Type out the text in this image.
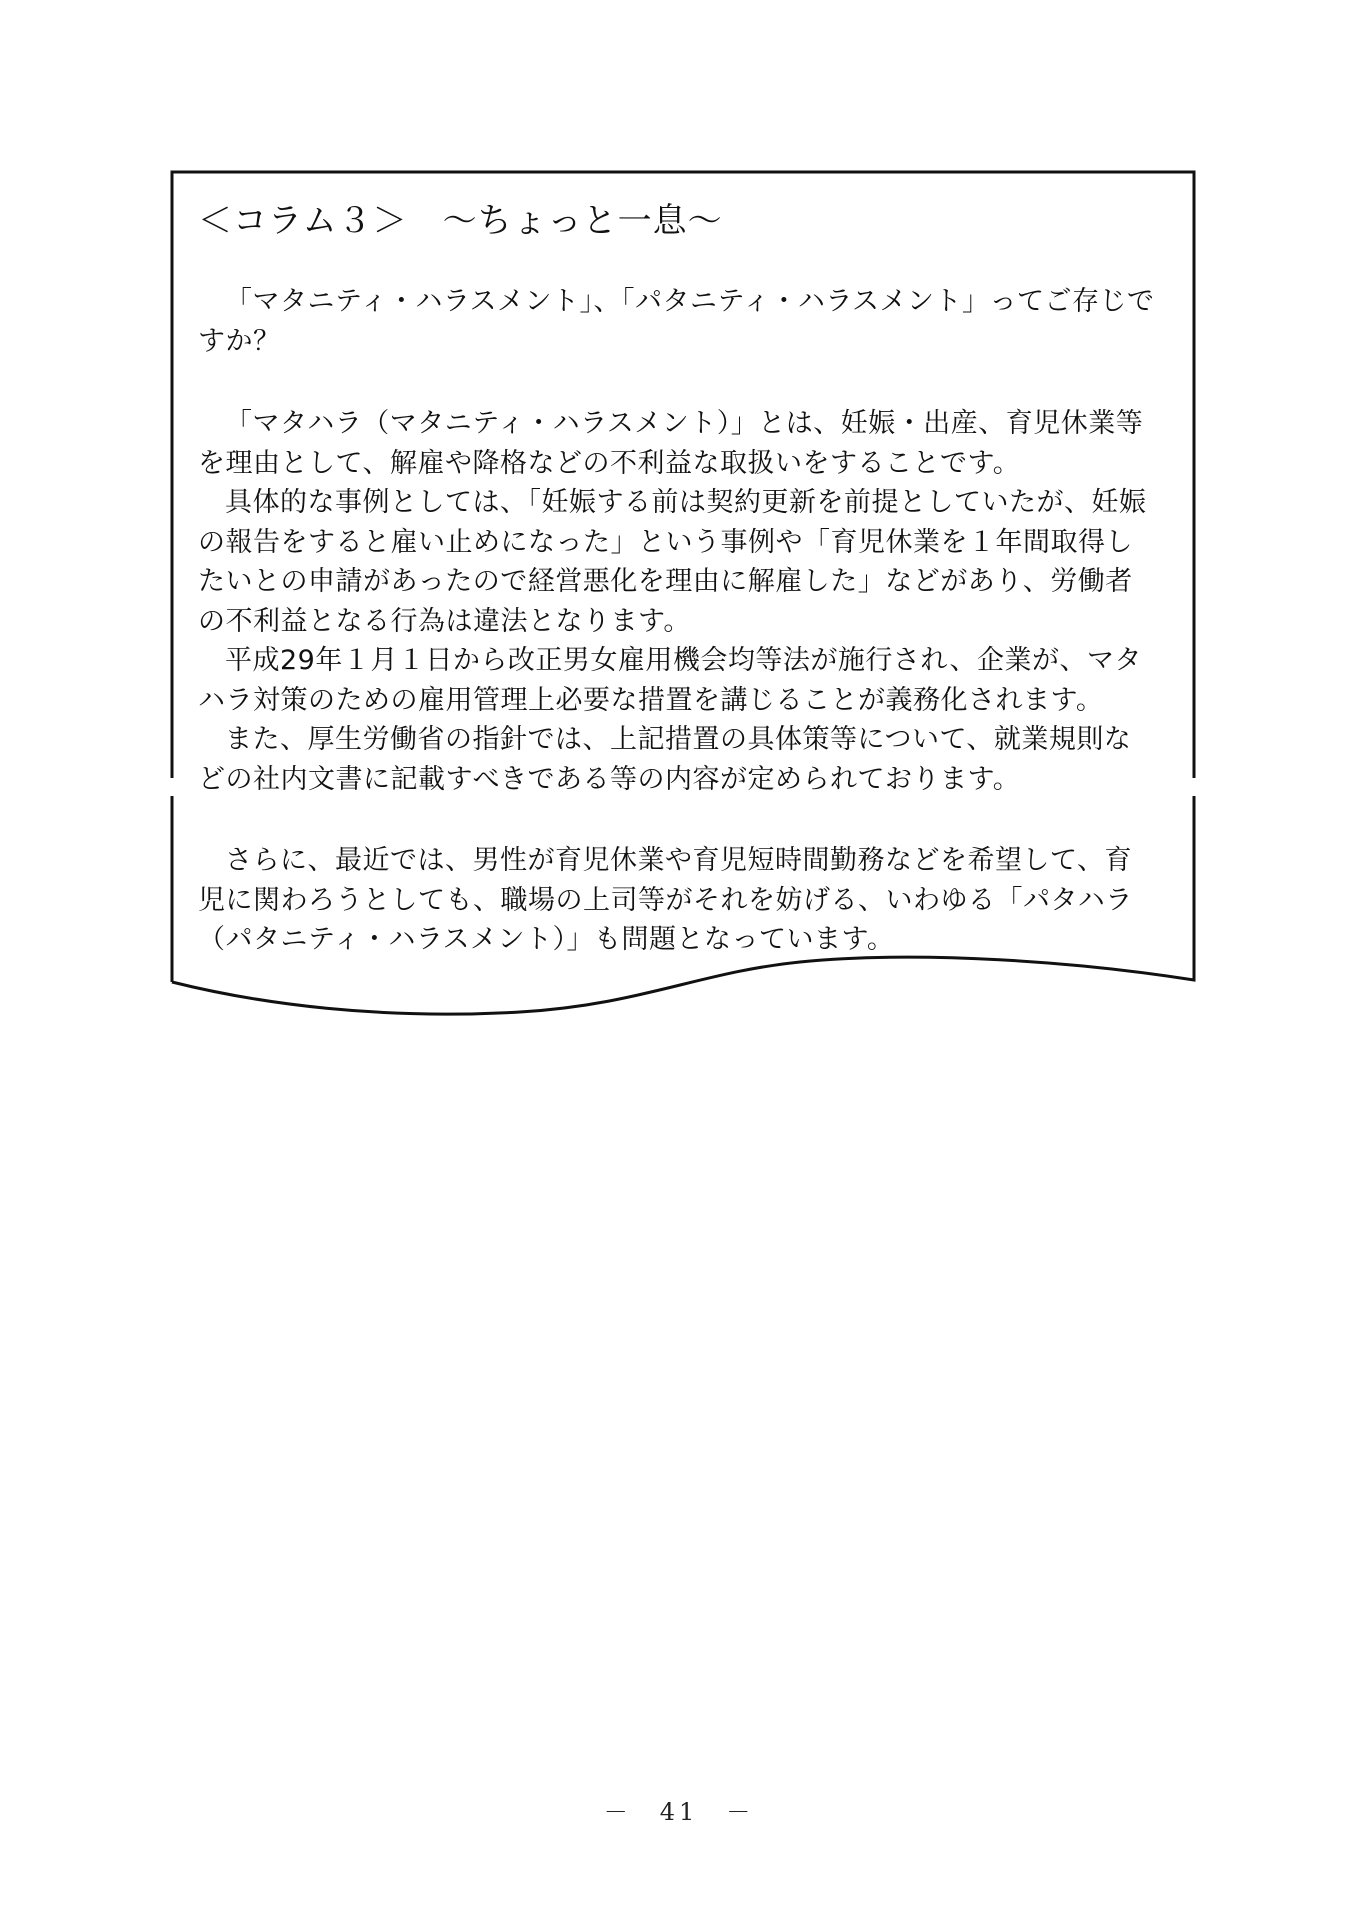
＜コラム３＞　～ちょっと一息～

「マタニティ・ハラスメント」、「パタニティ・ハラスメント」ってご存じですか？

「マタハラ（マタニティ・ハラスメント）」とは、妊娠・出産、育児休業等を理由として、解雇や降格などの不利益な取扱いをすることです。

具体的な事例としては、「妊娠する前は契約更新を前提としていたが、妊娠の報告をすると雇い止めになった」という事例や「育児休業を１年間取得したいとの申請があったので経営悪化を理由に解雇した」などがあり、労働者の不利益となる行為は違法となります。

平成29年１月１日から改正男女雇用機会均等法が施行され、企業が、マタハラ対策のための雇用管理上必要な措置を講じることが義務化されます。

また、厚生労働省の指針では、上記措置の具体策等について、就業規則などの社内文書に記載すべきである等の内容が定められております。

さらに、最近では、男性が育児休業や育児短時間勤務などを希望して、育児に関わろうとしても、職場の上司等がそれを妨げる、いわゆる「パタハラ（パタニティ・ハラスメント）」も問題となっています。

－　41　－
